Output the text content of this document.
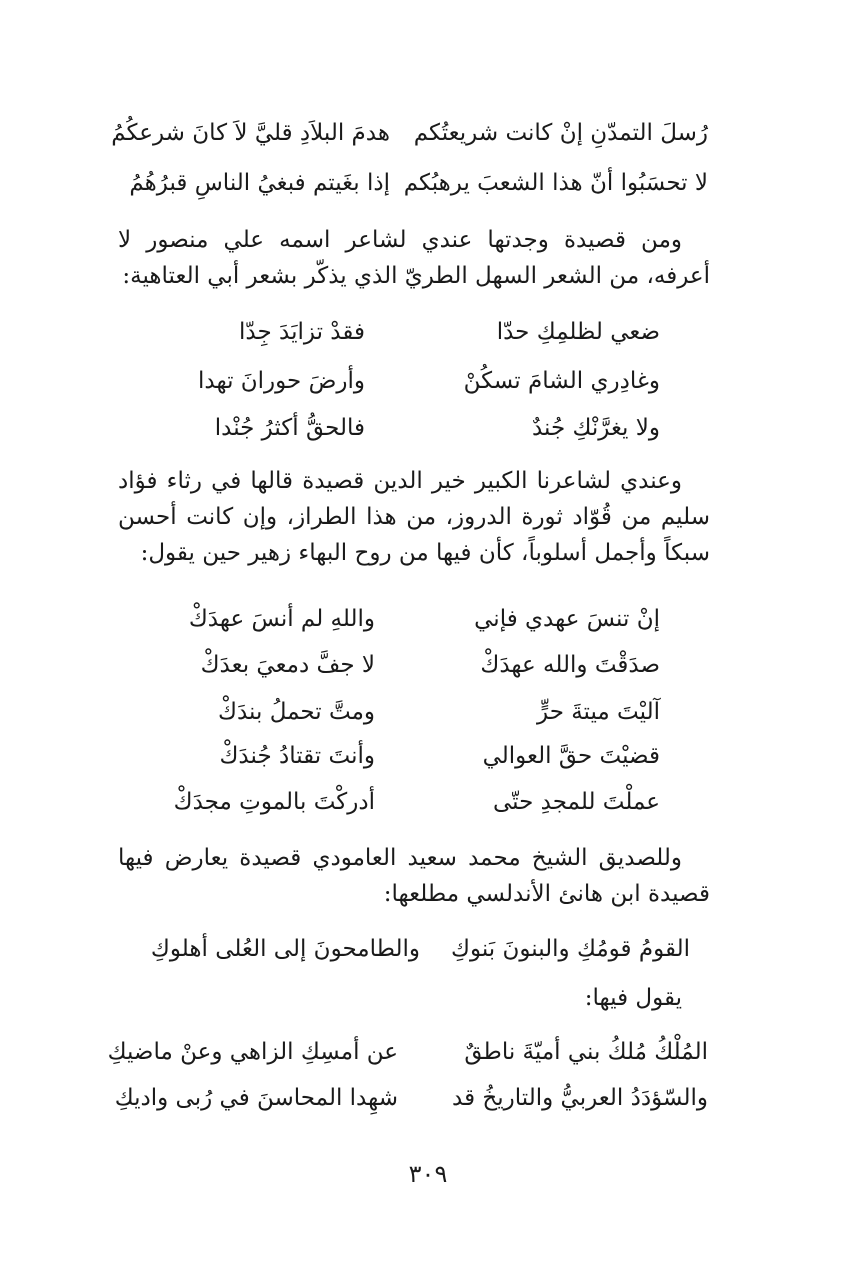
رُسلَ التمدّنِ إنْ كانت شريعتُكم
هدمَ البلاَدِ قليَّ لاَ كانَ شرعكُمُ
لا تحسَبُوا أنّ هذا الشعبَ يرهبُكم
إذا بغَيتم فبغيُ الناسِ قبرُهُمُ
ومن قصيدة وجدتها عندي لشاعر اسمه علي منصور لا أعرفه، من الشعر السهل الطريّ الذي يذكّر بشعر أبي العتاهية:
ضعي لظلمِكِ حدّا
فقدْ تزايَدَ جِدّا
وغادِري الشامَ تسكُنْ
وأرضَ حورانَ تهدا
ولا يغرَّنْكِ جُندٌ
فالحقُّ أكثرُ جُنْدا
وعندي لشاعرنا الكبير خير الدين قصيدة قالها في رثاء فؤاد سليم من قُوّاد ثورة الدروز، من هذا الطراز، وإن كانت أحسن سبكاً وأجمل أسلوباً، كأن فيها من روح البهاء زهير حين يقول:
إنْ تنسَ عهدي فإني
واللهِ لم أنسَ عهدَكْ
صدَقْتَ والله عهدَكْ
لا جفَّ دمعيَ بعدَكْ
آليْتَ ميتةَ حرٍّ
ومتَّ تحملُ بندَكْ
قضيْتَ حقَّ العوالي
وأنتَ تقتادُ جُندَكْ
عملْتَ للمجدِ حتّى
أدركْتَ بالموتِ مجدَكْ
وللصديق الشيخ محمد سعيد العامودي قصيدة يعارض فيها قصيدة ابن هانئ الأندلسي مطلعها:
القومُ قومُكِ والبنونَ بَنوكِ
والطامحونَ إلى العُلى أهلوكِ
يقول فيها:
المُلْكُ مُلكُ بني أميّةَ ناطقٌ
عن أمسِكِ الزاهي وعنْ ماضيكِ
والسّؤدَدُ العربيُّ والتاريخُ قد
شهِدا المحاسنَ في رُبى واديكِ
٣٠٩
